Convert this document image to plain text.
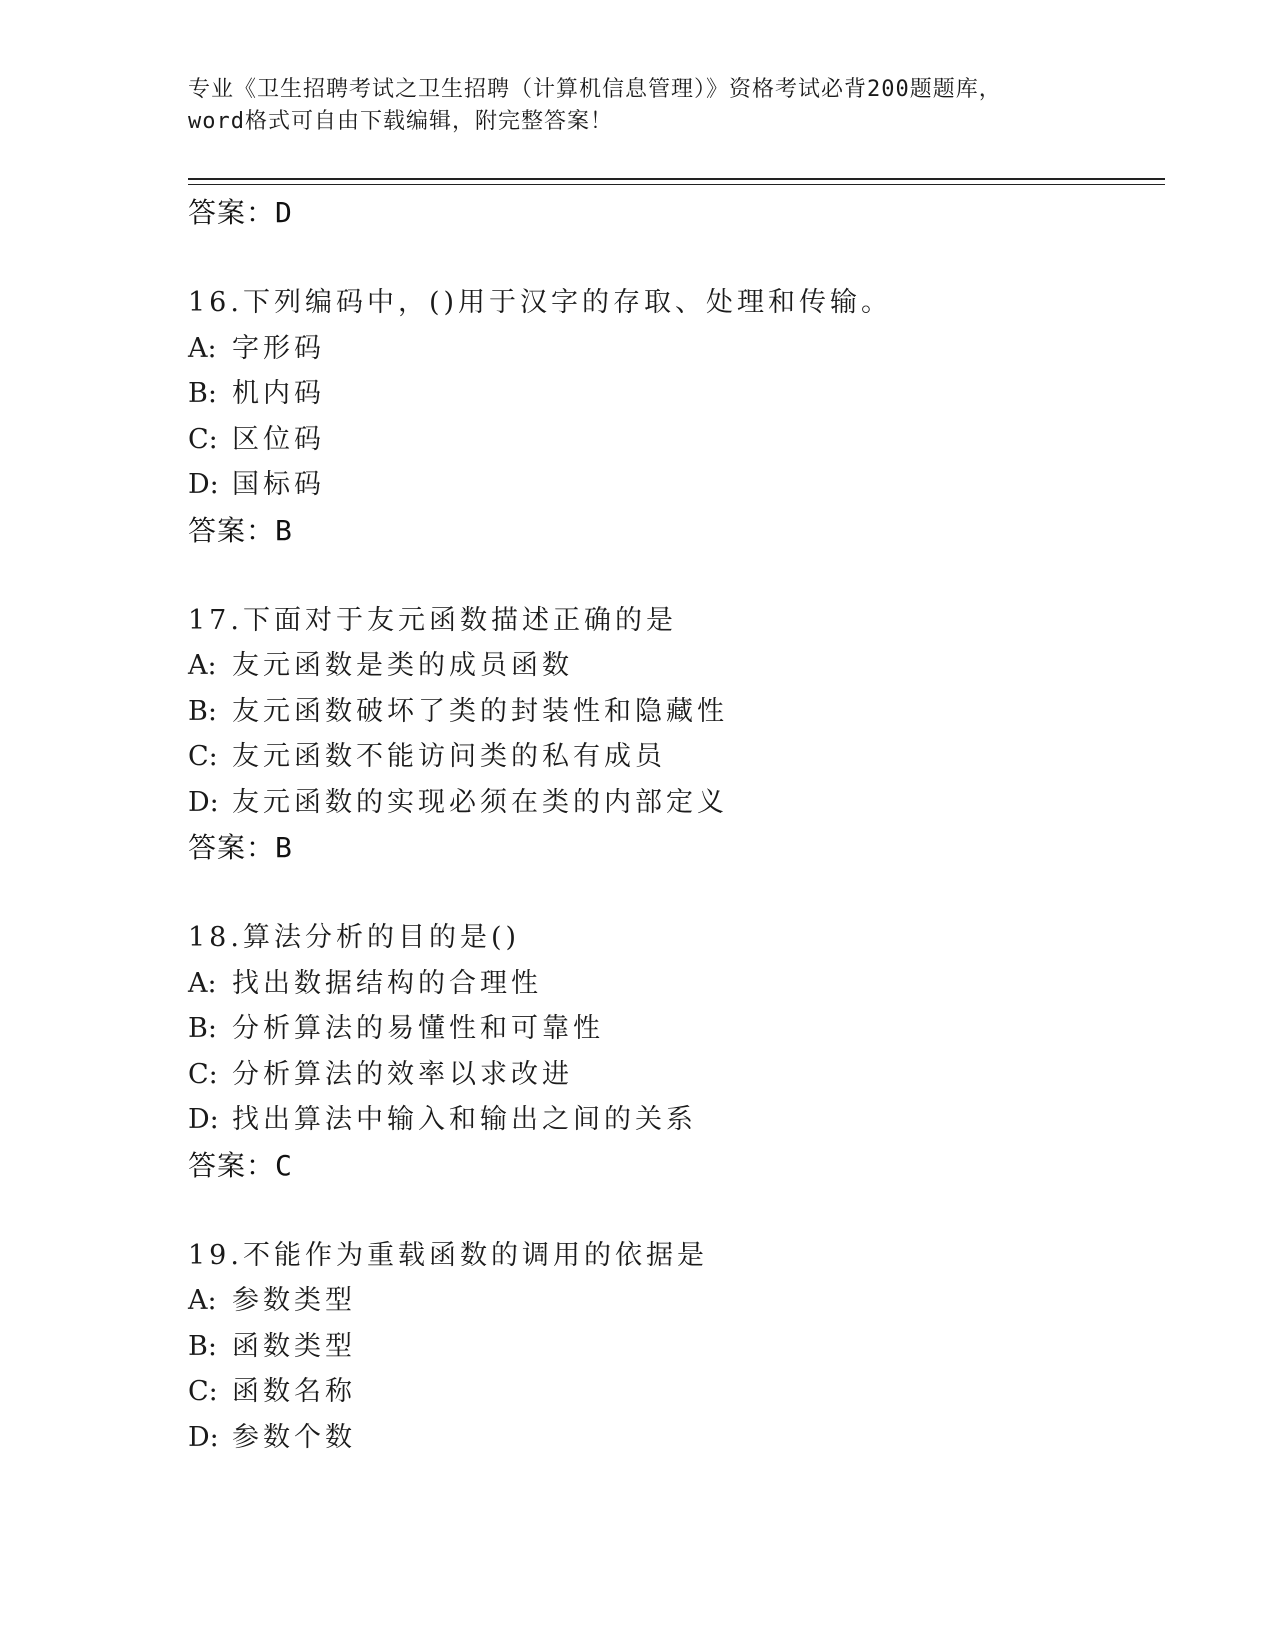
专业《卫生招聘考试之卫生招聘（计算机信息管理）》资格考试必背200题题库，
word格式可自由下载编辑，附完整答案！
答案：D
16.下列编码中，()用于汉字的存取、处理和传输。
A: 字形码
B: 机内码
C: 区位码
D: 国标码
答案：B
17.下面对于友元函数描述正确的是
A: 友元函数是类的成员函数
B: 友元函数破坏了类的封装性和隐藏性
C: 友元函数不能访问类的私有成员
D: 友元函数的实现必须在类的内部定义
答案：B
18.算法分析的目的是()
A: 找出数据结构的合理性
B: 分析算法的易懂性和可靠性
C: 分析算法的效率以求改进
D: 找出算法中输入和输出之间的关系
答案：C
19.不能作为重载函数的调用的依据是
A: 参数类型
B: 函数类型
C: 函数名称
D: 参数个数
